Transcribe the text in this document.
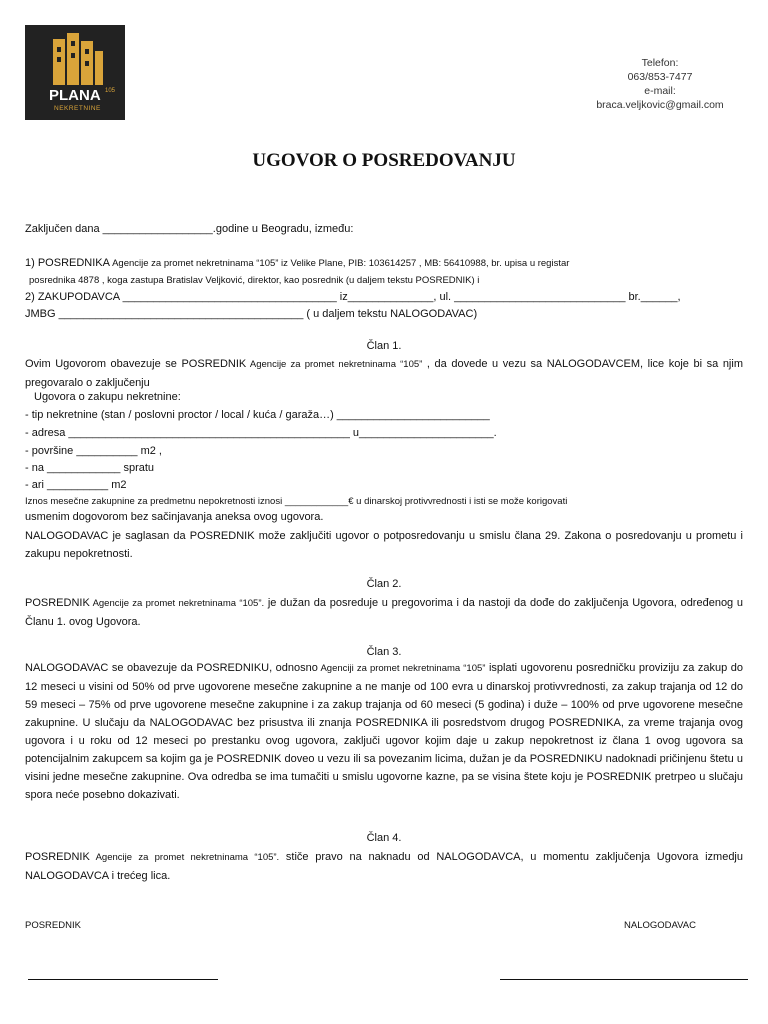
PLANA 105
NEKRETNINE
Telefon:
063/853-7477
e-mail:
braca.veljkovic@gmail.com
UGOVOR O POSREDOVANJU
Zaključen dana __________________.godine u Beogradu, između:
1) POSREDNIKA Agencije za promet nekretninama “105” iz Velike Plane, PIB: 103614257 , MB: 56410988, br. upisa u registar
posrednika 4878 , koga zastupa Bratislav Veljković, direktor, kao posrednik (u daljem tekstu POSREDNIK) i
2) ZAKUPODAVCA ___________________________________ iz______________, ul. ____________________________ br.______,
JMBG ________________________________________ ( u daljem tekstu NALOGODAVAC)
Član 1.
Ovim Ugovorom obavezuje se POSREDNIK Agencije za promet nekretninama “105” , da dovede u vezu sa NALOGODAVCEM, lice koje bi sa njim pregovaralo o zaključenju
Ugovora o zakupu nekretnine:
- tip nekretnine (stan / poslovni proctor / local / kuća / garaža…) _________________________
- adresa ______________________________________________ u______________________.
- površine __________ m2 ,
- na ____________ spratu
- ari __________ m2
Iznos mesečne zakupnine za predmetnu nepokretnosti iznosi ____________€ u dinarskoj protivvrednosti i isti se može korigovati
usmenim dogovorom bez sačinjavanja aneksa ovog ugovora.
NALOGODAVAC je saglasan da POSREDNIK može zaključiti ugovor o potposredovanju u smislu člana 29. Zakona o posredovanju u prometu i zakupu nepokretnosti.
Član 2.
POSREDNIK Agencije za promet nekretninama “105”. je dužan da posreduje u pregovorima i da nastoji da dođe do zaključenja Ugovora, određenog u Članu 1. ovog Ugovora.
Član 3.
NALOGODAVAC se obavezuje da POSREDNIKU, odnosno Agenciji za promet nekretninama “105” isplati ugovorenu posredničku proviziju za zakup do 12 meseci u visini od 50% od prve ugovorene mesečne zakupnine a ne manje od 100 evra u dinarskoj protivvrednosti, za zakup trajanja od 12 do 59 meseci – 75% od prve ugovorene mesečne zakupnine i za zakup trajanja od 60 meseci (5 godina) i duže – 100% od prve ugovorene mesečne zakupnine. U slučaju da NALOGODAVAC bez prisustva ili znanja POSREDNIKA ili posredstvom drugog POSREDNIKA, za vreme trajanja ovog ugovora i u roku od 12 meseci po prestanku ovog ugovora, zaključi ugovor kojim daje u zakup nepokretnost iz člana 1 ovog ugovora sa potencijalnim zakupcem sa kojim ga je POSREDNIK doveo u vezu ili sa povezanim licima, dužan je da POSREDNIKU nadoknadi pričinjenu štetu u visini jedne mesečne zakupnine. Ova odredba se ima tumačiti u smislu ugovorne kazne, pa se visina štete koju je POSREDNIK pretrpeo u slučaju spora neće posebno dokazivati.
Član 4.
POSREDNIK Agencije za promet nekretninama “105”. stiče pravo na naknadu od NALOGODAVCA, u momentu zaključenja Ugovora izmedju NALOGODAVCA i trećeg lica.
POSREDNIK	NALOGODAVAC
